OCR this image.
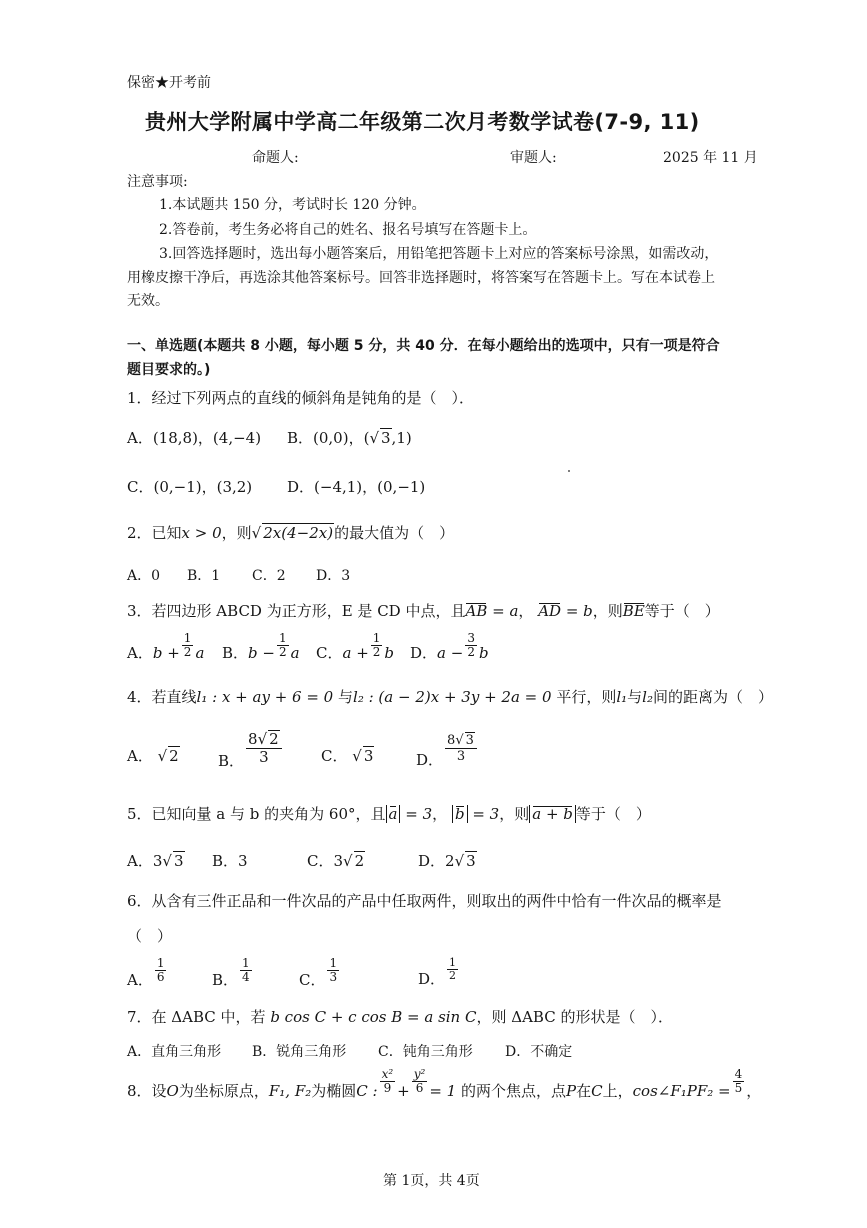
保密★开考前
贵州大学附属中学高二年级第二次月考数学试卷(7-9, 11)
命题人:	审题人:	2025 年 11 月
注意事项:
1.本试题共 150 分，考试时长 120 分钟。
2.答卷前，考生务必将自己的姓名、报名号填写在答题卡上。
3.回答选择题时，选出每小题答案后，用铅笔把答题卡上对应的答案标号涂黑，如需改动，
用橡皮擦干净后，再选涂其他答案标号。回答非选择题时，将答案写在答题卡上。写在本试卷上
无效。
一、单选题(本题共 8 小题，每小题 5 分，共 40 分．在每小题给出的选项中，只有一项是符合
题目要求的。)
1．经过下列两点的直线的倾斜角是钝角的是（　）．
A．(18,8)，(4,−4) B．(0,0)，(√ 3,1)
C．(0,−1)，(3,2) D．(−4,1)，(0,−1)
2．已知x > 0，则√ 2x(4−2x)的最大值为（　）
A．0 B．1 C．2 D．3
3．若四边形 ABCD 为正方形，E 是 CD 中点，且AB = a， AD = b，则BE等于（　）
A．$b + \frac{1}{2}$ a B．$b - \frac{1}{2}$ a C．$a + \frac{1}{2}$ b D．$a - \frac{3}{2}$ b
4．若直线l₁ : x + ay + 6 = 0 与l₂ : (a − 2)x + 3y + 2a = 0 平行，则l₁与l₂间的距离为（　）
A． √ 2	B． $\frac{8√ 2}{3}$	C． √ 3	D． $\frac{8√ 3}{3}$
5．已知向量 a 与 b 的夹角为 60°，且 a = 3， b = 3，则 a + b 等于（　）
A．3√ 3 B．3	C．3√ 2	D．2√ 3
6．从含有三件正品和一件次品的产品中任取两件，则取出的两件中恰有一件次品的概率是
（　）
A． $\frac{1}{6}$	B． $\frac{1}{4}$	C． $\frac{1}{3}$	D． $\frac{1}{2}$
7．在 ΔABC 中，若 b cos C + c cos B = a sin C，则 ΔABC 的形状是（　）．
A．直角三角形 B．锐角三角形 C．钝角三角形 D．不确定
8．设O为坐标原点，F₁, F₂为椭圆C : $\frac{\text{x²}}{9} + \frac{\text{y²}}{6} = 1$ 的两个焦点，点P在C上，cos∠F₁PF₂ = $\frac{4}{5}$ ，
第 1页，共 4页
